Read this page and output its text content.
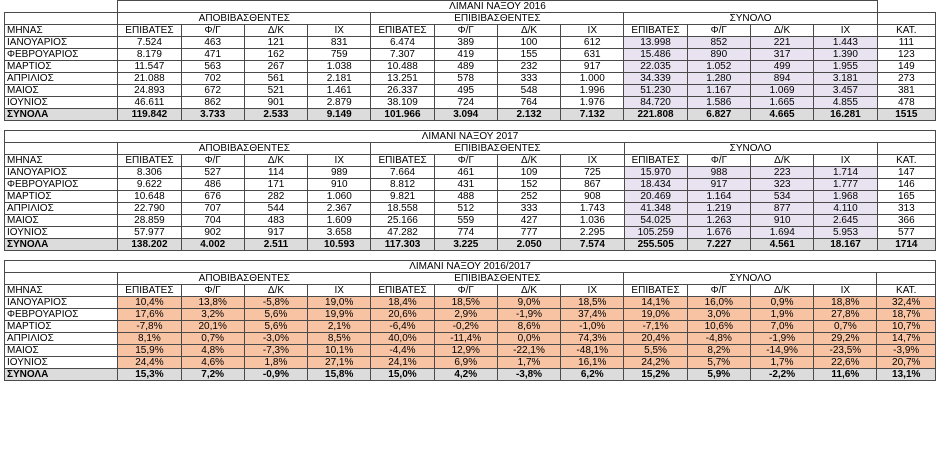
	ΛΙΜΑΝΙ ΝΑΞΟΥ 2016												
	ΑΠΟΒΙΒΑΣΘΕΝΤΕΣ				ΕΠΙΒΙΒΑΣΘΕΝΤΕΣ				ΣΥΝΟΛΟ				
ΜΗΝΑΣ	ΕΠΙΒΑΤΕΣ	Φ/Γ	Δ/Κ	ΙΧ	ΕΠΙΒΑΤΕΣ	Φ/Γ	Δ/Κ	ΙΧ	ΕΠΙΒΑΤΕΣ	Φ/Γ	Δ/Κ	ΙΧ	ΚΑΤ.
ΙΑΝΟΥΑΡΙΟΣ	7.524	463	121	831	6.474	389	100	612	13.998	852	221	1.443	111
ΦΕΒΡΟΥΑΡΙΟΣ	8.179	471	162	759	7.307	419	155	631	15.486	890	317	1.390	123
ΜΑΡΤΙΟΣ	11.547	563	267	1.038	10.488	489	232	917	22.035	1.052	499	1.955	149
ΑΠΡΙΛΙΟΣ	21.088	702	561	2.181	13.251	578	333	1.000	34.339	1.280	894	3.181	273
ΜΑΙΟΣ	24.893	672	521	1.461	26.337	495	548	1.996	51.230	1.167	1.069	3.457	381
ΙΟΥΝΙΟΣ	46.611	862	901	2.879	38.109	724	764	1.976	84.720	1.586	1.665	4.855	478
ΣΥΝΟΛΑ	119.842	3.733	2.533	9.149	101.966	3.094	2.132	7.132	221.808	6.827	4.665	16.281	1515
ΛΙΜΑΝΙ ΝΑΞΟΥ 2017													
	ΑΠΟΒΙΒΑΣΘΕΝΤΕΣ				ΕΠΙΒΙΒΑΣΘΕΝΤΕΣ				ΣΥΝΟΛΟ				
ΜΗΝΑΣ	ΕΠΙΒΑΤΕΣ	Φ/Γ	Δ/Κ	ΙΧ	ΕΠΙΒΑΤΕΣ	Φ/Γ	Δ/Κ	ΙΧ	ΕΠΙΒΑΤΕΣ	Φ/Γ	Δ/Κ	ΙΧ	ΚΑΤ.
ΙΑΝΟΥΑΡΙΟΣ	8.306	527	114	989	7.664	461	109	725	15.970	988	223	1.714	147
ΦΕΒΡΟΥΑΡΙΟΣ	9.622	486	171	910	8.812	431	152	867	18.434	917	323	1.777	146
ΜΑΡΤΙΟΣ	10.648	676	282	1.060	9.821	488	252	908	20.469	1.164	534	1.968	165
ΑΠΡΙΛΙΟΣ	22.790	707	544	2.367	18.558	512	333	1.743	41.348	1.219	877	4.110	313
ΜΑΙΟΣ	28.859	704	483	1.609	25.166	559	427	1.036	54.025	1.263	910	2.645	366
ΙΟΥΝΙΟΣ	57.977	902	917	3.658	47.282	774	777	2.295	105.259	1.676	1.694	5.953	577
ΣΥΝΟΛΑ	138.202	4.002	2.511	10.593	117.303	3.225	2.050	7.574	255.505	7.227	4.561	18.167	1714
ΛΙΜΑΝΙ ΝΑΞΟΥ 2016/2017													
	ΑΠΟΒΙΒΑΣΘΕΝΤΕΣ				ΕΠΙΒΙΒΑΣΘΕΝΤΕΣ				ΣΥΝΟΛΟ				
ΜΗΝΑΣ	ΕΠΙΒΑΤΕΣ	Φ/Γ	Δ/Κ	ΙΧ	ΕΠΙΒΑΤΕΣ	Φ/Γ	Δ/Κ	ΙΧ	ΕΠΙΒΑΤΕΣ	Φ/Γ	Δ/Κ	ΙΧ	ΚΑΤ.
ΙΑΝΟΥΑΡΙΟΣ	10,4%	13,8%	-5,8%	19,0%	18,4%	18,5%	9,0%	18,5%	14,1%	16,0%	0,9%	18,8%	32,4%
ΦΕΒΡΟΥΑΡΙΟΣ	17,6%	3,2%	5,6%	19,9%	20,6%	2,9%	-1,9%	37,4%	19,0%	3,0%	1,9%	27,8%	18,7%
ΜΑΡΤΙΟΣ	-7,8%	20,1%	5,6%	2,1%	-6,4%	-0,2%	8,6%	-1,0%	-7,1%	10,6%	7,0%	0,7%	10,7%
ΑΠΡΙΛΙΟΣ	8,1%	0,7%	-3,0%	8,5%	40,0%	-11,4%	0,0%	74,3%	20,4%	-4,8%	-1,9%	29,2%	14,7%
ΜΑΙΟΣ	15,9%	4,8%	-7,3%	10,1%	-4,4%	12,9%	-22,1%	-48,1%	5,5%	8,2%	-14,9%	-23,5%	-3,9%
ΙΟΥΝΙΟΣ	24,4%	4,6%	1,8%	27,1%	24,1%	6,9%	1,7%	16,1%	24,2%	5,7%	1,7%	22,6%	20,7%
ΣΥΝΟΛΑ	15,3%	7,2%	-0,9%	15,8%	15,0%	4,2%	-3,8%	6,2%	15,2%	5,9%	-2,2%	11,6%	13,1%
